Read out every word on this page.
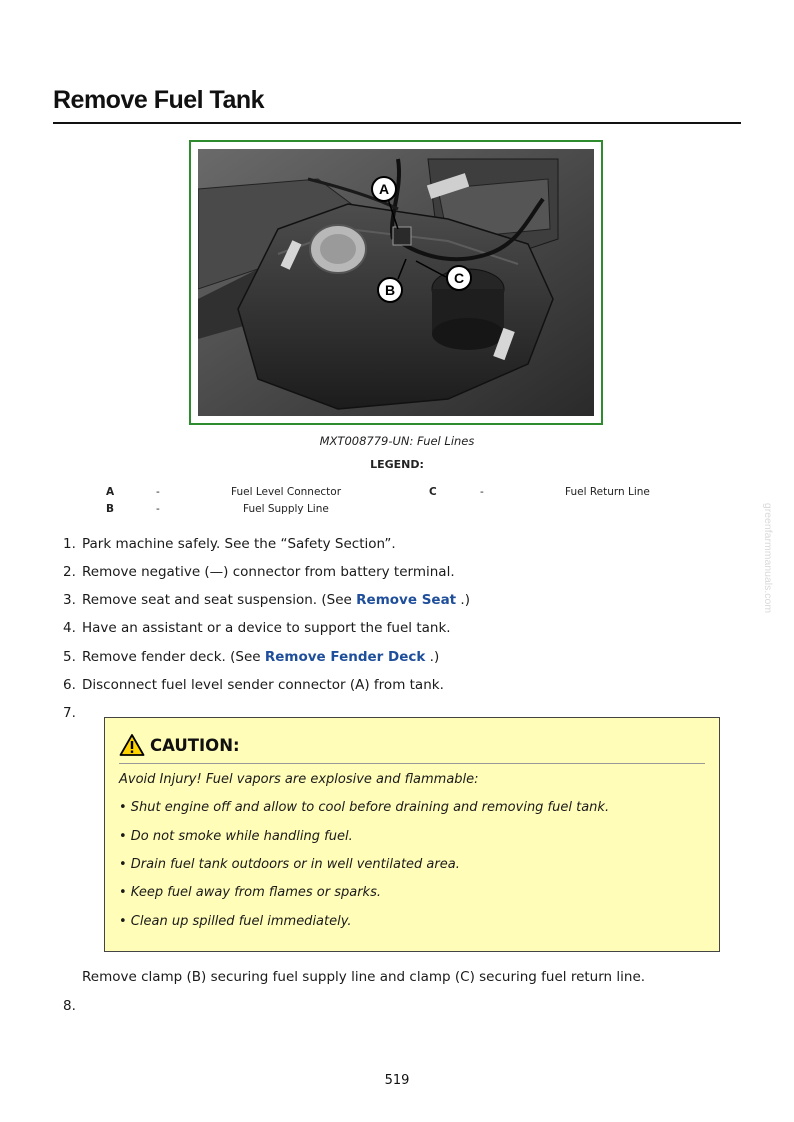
Remove Fuel Tank
A
B
C
MXT008779-UN: Fuel Lines
LEGEND:
A	-	Fuel Level Connector	C	-	Fuel Return Line
B	-	Fuel Supply Line
1. Park machine safely. See the “Safety Section”.
2. Remove negative (—) connector from battery terminal.
3. Remove seat and seat suspension. (See Remove Seat .)
4. Have an assistant or a device to support the fuel tank.
5. Remove fender deck. (See Remove Fender Deck .)
6. Disconnect fuel level sender connector (A) from tank.
7.
CAUTION:
Avoid Injury! Fuel vapors are explosive and flammable:
• Shut engine off and allow to cool before draining and removing fuel tank.
• Do not smoke while handling fuel.
• Drain fuel tank outdoors or in well ventilated area.
• Keep fuel away from flames or sparks.
• Clean up spilled fuel immediately.
Remove clamp (B) securing fuel supply line and clamp (C) securing fuel return line.
8.
519
greenfarmmanuals.com
